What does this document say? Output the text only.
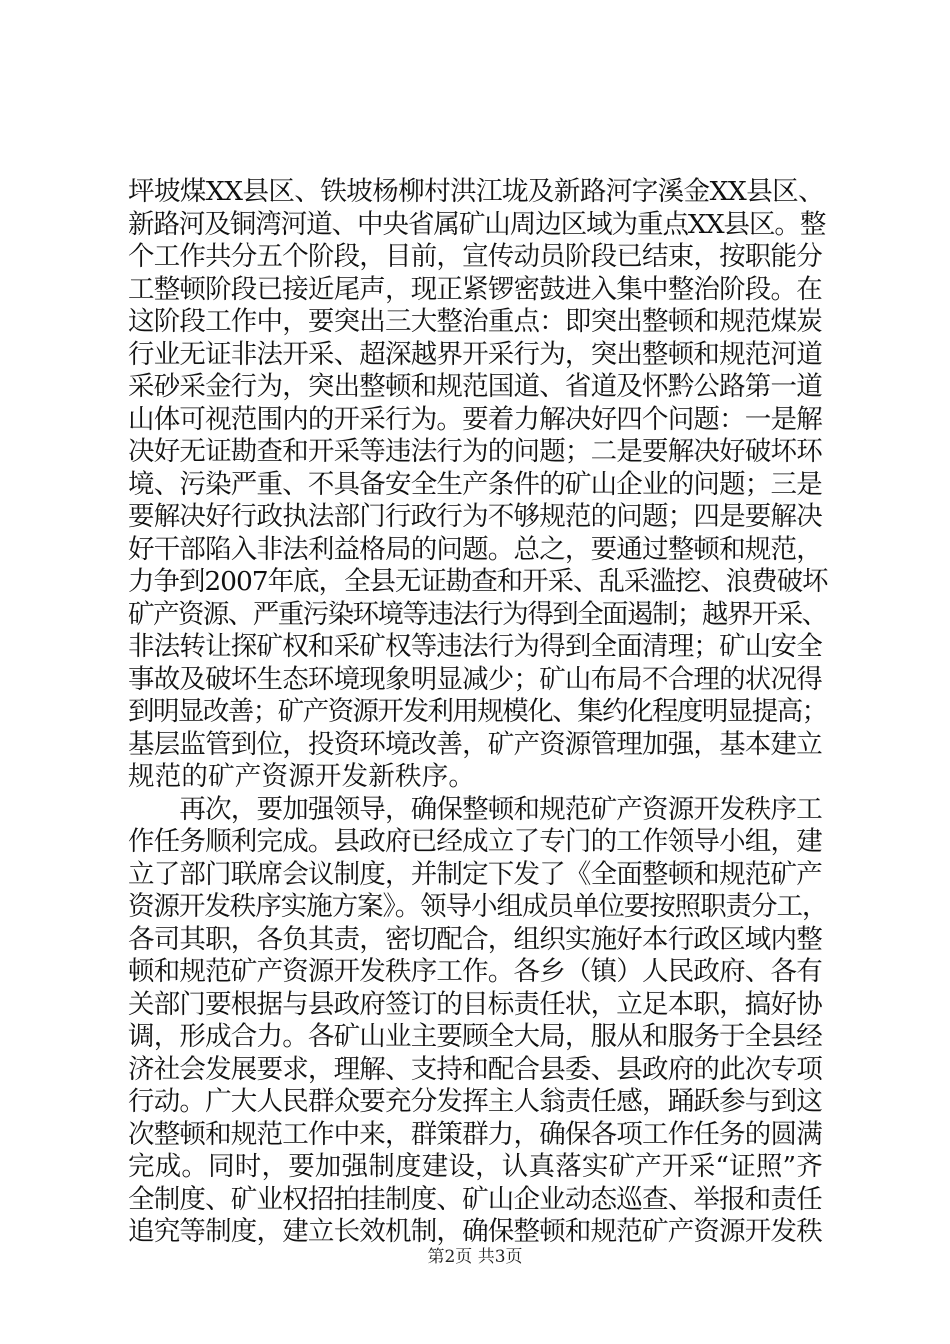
坪坡煤XX县区、铁坡杨柳村洪江垅及新路河字溪金XX县区、
新路河及铜湾河道、中央省属矿山周边区域为重点XX县区。整
个工作共分五个阶段，目前，宣传动员阶段已结束，按职能分
工整顿阶段已接近尾声，现正紧锣密鼓进入集中整治阶段。在
这阶段工作中，要突出三大整治重点：即突出整顿和规范煤炭
行业无证非法开采、超深越界开采行为，突出整顿和规范河道
采砂采金行为，突出整顿和规范国道、省道及怀黔公路第一道
山体可视范围内的开采行为。要着力解决好四个问题：一是解
决好无证勘查和开采等违法行为的问题；二是要解决好破坏环
境、污染严重、不具备安全生产条件的矿山企业的问题；三是
要解决好行政执法部门行政行为不够规范的问题；四是要解决
好干部陷入非法利益格局的问题。总之，要通过整顿和规范，
力争到2007年底，全县无证勘查和开采、乱采滥挖、浪费破坏
矿产资源、严重污染环境等违法行为得到全面遏制；越界开采、
非法转让探矿权和采矿权等违法行为得到全面清理；矿山安全
事故及破坏生态环境现象明显减少；矿山布局不合理的状况得
到明显改善；矿产资源开发利用规模化、集约化程度明显提高；
基层监管到位，投资环境改善，矿产资源管理加强，基本建立
规范的矿产资源开发新秩序。
　　再次，要加强领导，确保整顿和规范矿产资源开发秩序工
作任务顺利完成。县政府已经成立了专门的工作领导小组，建
立了部门联席会议制度，并制定下发了《全面整顿和规范矿产
资源开发秩序实施方案》。领导小组成员单位要按照职责分工，
各司其职，各负其责，密切配合，组织实施好本行政区域内整
顿和规范矿产资源开发秩序工作。各乡（镇）人民政府、各有
关部门要根据与县政府签订的目标责任状，立足本职，搞好协
调，形成合力。各矿山业主要顾全大局，服从和服务于全县经
济社会发展要求，理解、支持和配合县委、县政府的此次专项
行动。广大人民群众要充分发挥主人翁责任感，踊跃参与到这
次整顿和规范工作中来，群策群力，确保各项工作任务的圆满
完成。同时，要加强制度建设，认真落实矿产开采“证照”齐
全制度、矿业权招拍挂制度、矿山企业动态巡查、举报和责任
追究等制度，建立长效机制，确保整顿和规范矿产资源开发秩
第2页 共3页
